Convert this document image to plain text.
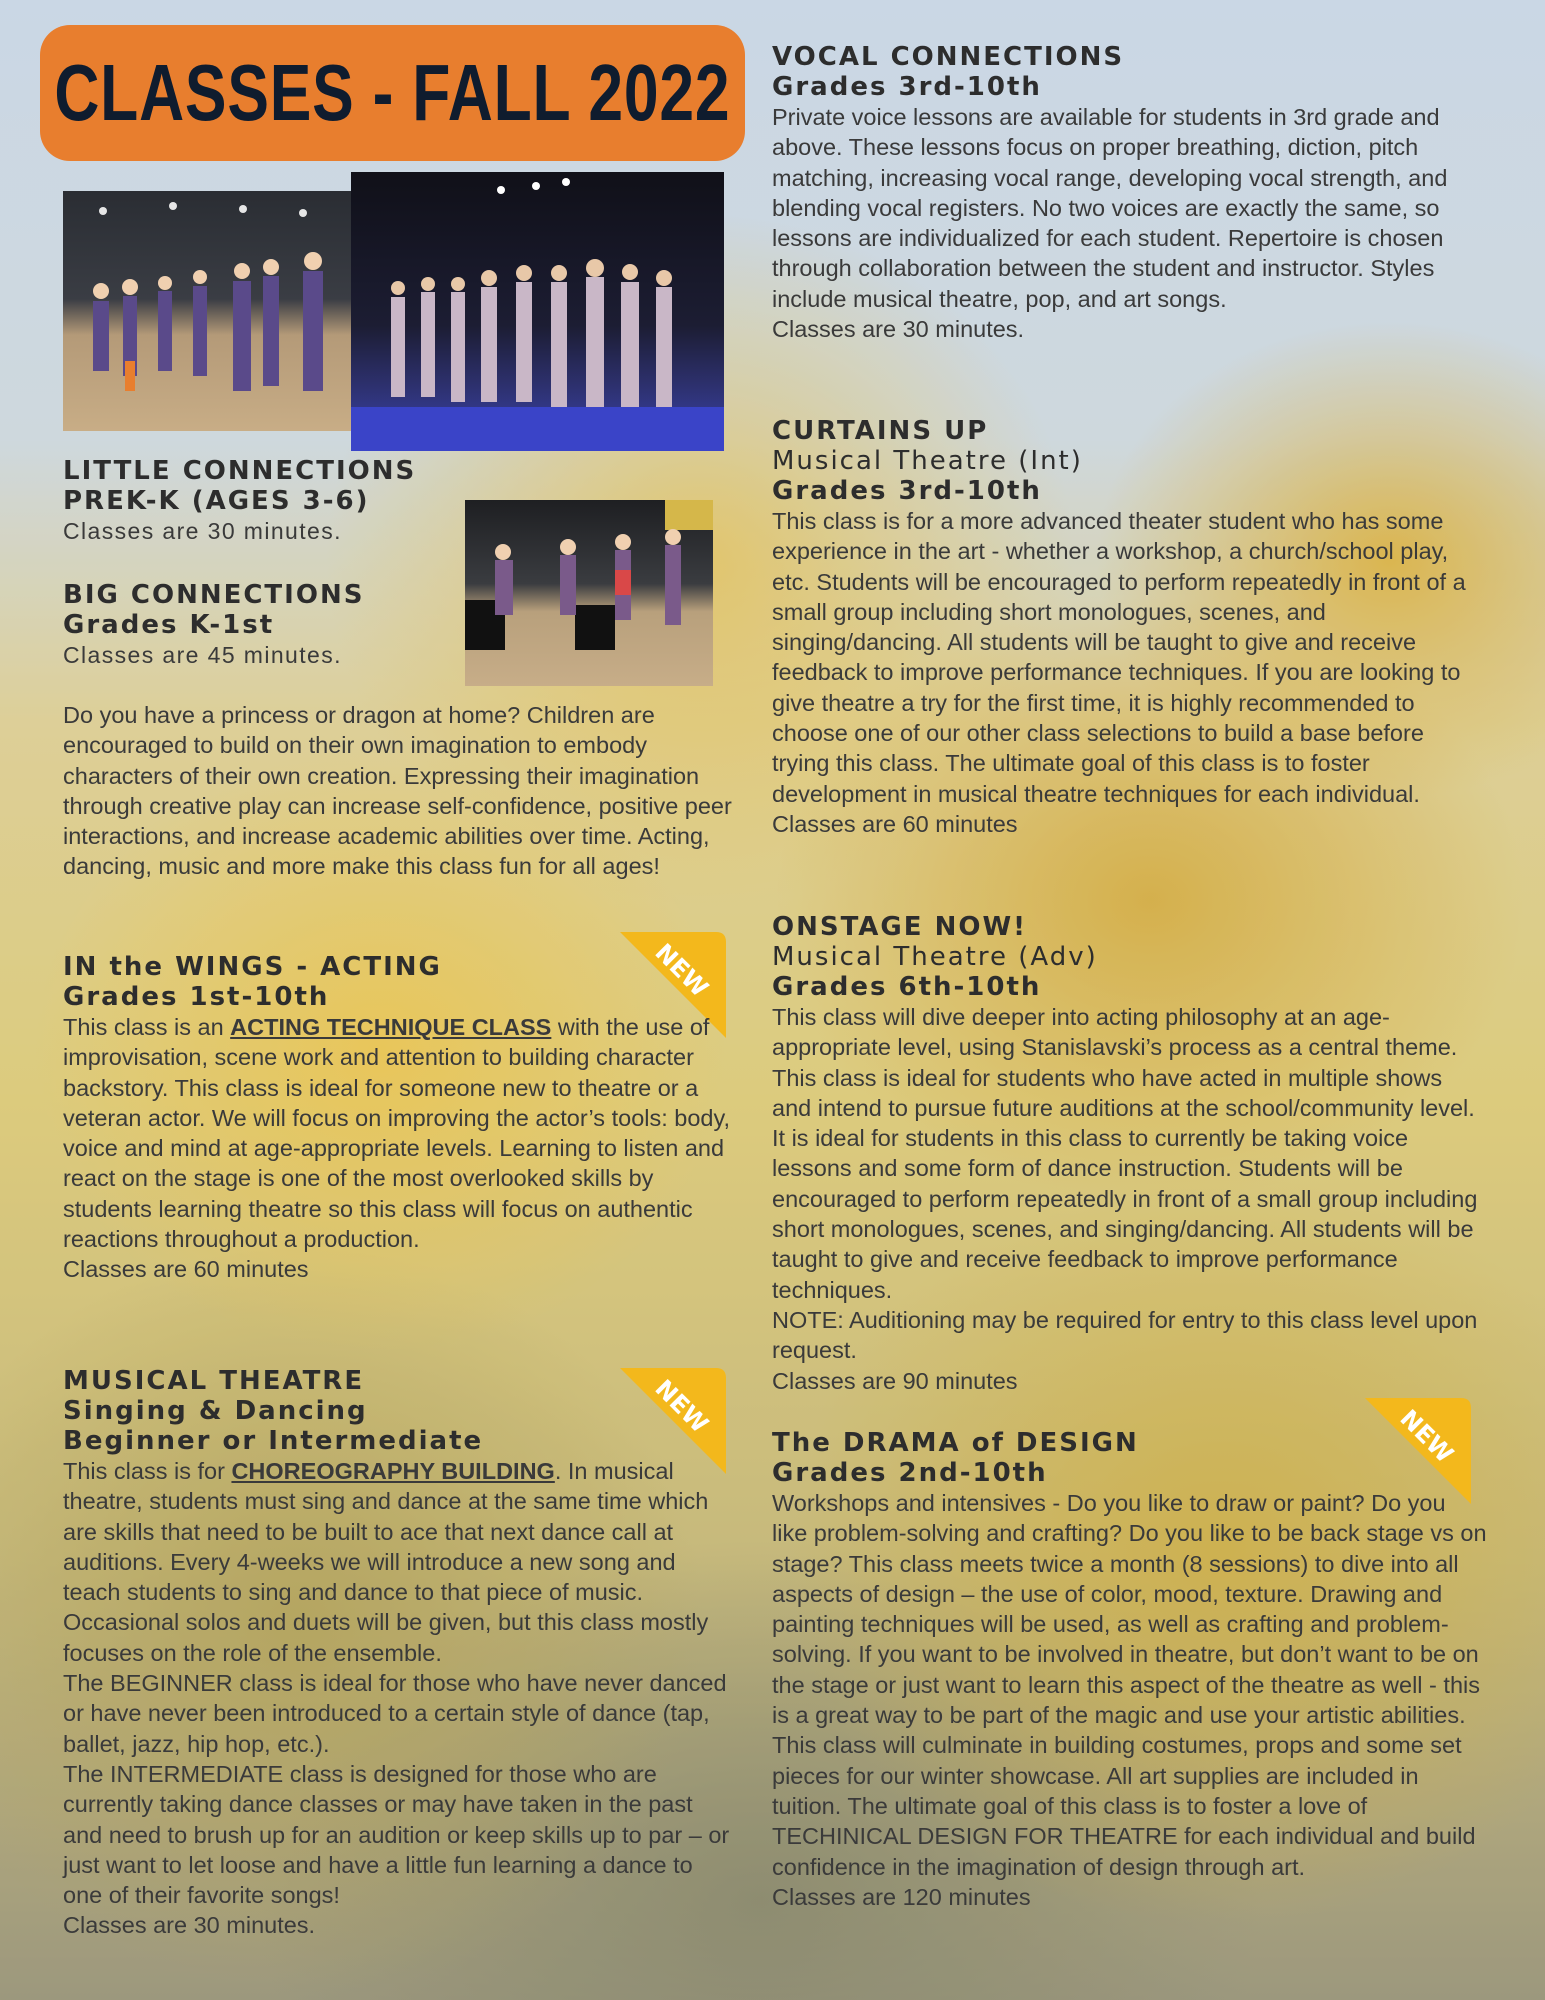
CLASSES - FALL 2022
NEW
NEW	NEW
LITTLE CONNECTIONS
PREK-K (AGES 3-6)

Classes are 30 minutes.

BIG CONNECTIONS
Grades K-1st

Classes are 45 minutes.

Do you have a princess or dragon at home? Children are encouraged to build on their own imagination to embody characters of their own creation. Expressing their imagination through creative play can increase self-confidence, positive peer interactions, and increase academic abilities over time. Acting, dancing, music and more make this class fun for all ages!

IN the WINGS - ACTING
Grades 1st-10th

This class is an ACTING TECHNIQUE CLASS with the use of improvisation, scene work and attention to building character backstory. This class is ideal for someone new to theatre or a veteran actor. We will focus on improving the actor’s tools: body, voice and mind at age-appropriate levels. Learning to listen and react on the stage is one of the most overlooked skills by students learning theatre so this class will focus on authentic reactions throughout a production.

Classes are 60 minutes

MUSICAL THEATRE
Singing & Dancing
Beginner or Intermediate

This class is for CHOREOGRAPHY BUILDING. In musical theatre, students must sing and dance at the same time which are skills that need to be built to ace that next dance call at auditions. Every 4-weeks we will introduce a new song and teach students to sing and dance to that piece of music. Occasional solos and duets will be given, but this class mostly focuses on the role of the ensemble.

The BEGINNER class is ideal for those who have never danced or have never been introduced to a certain style of dance (tap, ballet, jazz, hip hop, etc.).

The INTERMEDIATE class is designed for those who are currently taking dance classes or may have taken in the past and need to brush up for an audition or keep skills up to par – or just want to let loose and have a little fun learning a dance to one of their favorite songs!

Classes are 30 minutes.

VOCAL CONNECTIONS
Grades 3rd-10th

Private voice lessons are available for students in 3rd grade and above. These lessons focus on proper breathing, diction, pitch matching, increasing vocal range, developing vocal strength, and blending vocal registers. No two voices are exactly the same, so lessons are individualized for each student. Repertoire is chosen through collaboration between the student and instructor. Styles include musical theatre, pop, and art songs.

Classes are 30 minutes.

CURTAINS UP
Musical Theatre (Int)
Grades 3rd-10th

This class is for a more advanced theater student who has some experience in the art - whether a workshop, a church/school play, etc. Students will be encouraged to perform repeatedly in front of a small group including short monologues, scenes, and singing/dancing. All students will be taught to give and receive feedback to improve performance techniques. If you are looking to give theatre a try for the first time, it is highly recommended to choose one of our other class selections to build a base before trying this class. The ultimate goal of this class is to foster development in musical theatre techniques for each individual.

Classes are 60 minutes

ONSTAGE NOW!
Musical Theatre (Adv)
Grades 6th-10th

This class will dive deeper into acting philosophy at an age-appropriate level, using Stanislavski’s process as a central theme. This class is ideal for students who have acted in multiple shows and intend to pursue future auditions at the school/community level. It is ideal for students in this class to currently be taking voice lessons and some form of dance instruction. Students will be encouraged to perform repeatedly in front of a small group including short monologues, scenes, and singing/dancing. All students will be taught to give and receive feedback to improve performance techniques.

NOTE: Auditioning may be required for entry to this class level upon request.

Classes are 90 minutes

The DRAMA of DESIGN
Grades 2nd-10th

Workshops and intensives - Do you like to draw or paint? Do you like problem-solving and crafting? Do you like to be back stage vs on stage? This class meets twice a month (8 sessions) to dive into all aspects of design – the use of color, mood, texture. Drawing and painting techniques will be used, as well as crafting and problem-solving. If you want to be involved in theatre, but don’t want to be on the stage or just want to learn this aspect of the theatre as well - this is a great way to be part of the magic and use your artistic abilities. This class will culminate in building costumes, props and some set pieces for our winter showcase. All art supplies are included in tuition. The ultimate goal of this class is to foster a love of TECHINICAL DESIGN FOR THEATRE for each individual and build confidence in the imagination of design through art.

Classes are 120 minutes
